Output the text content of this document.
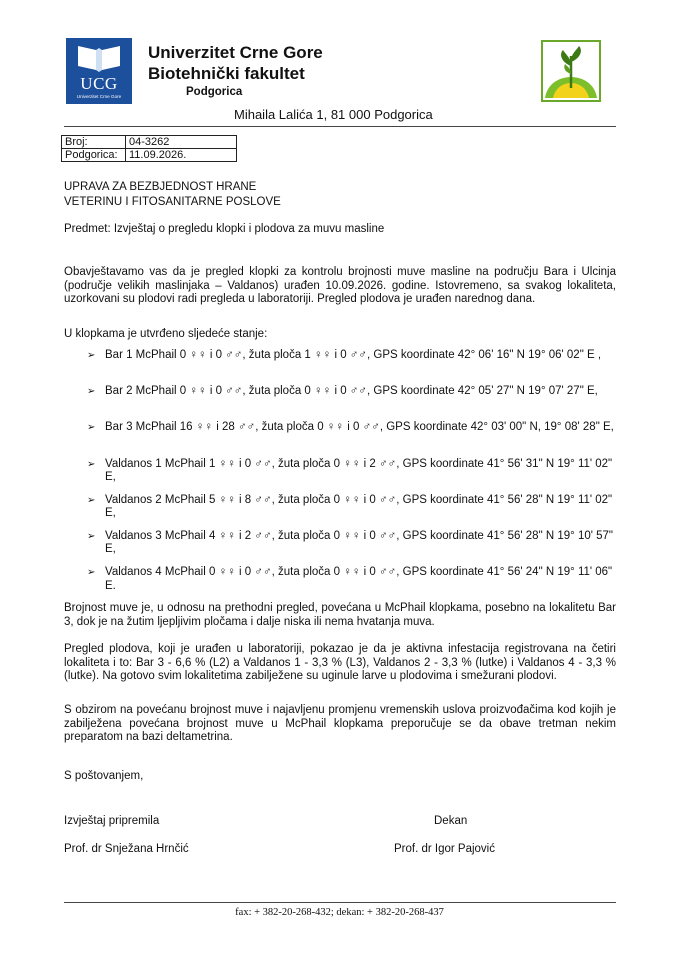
UCG
Univerzitet Crne Gore
Univerzitet Crne Gore
Biotehnički fakultet
Podgorica
Mihaila Lalića 1, 81 000 Podgorica
Broj:	04-3262
Podgorica:	11.09.2026.
UPRAVA ZA BEZBJEDNOST HRANE
VETERINU I FITOSANITARNE POSLOVE
Predmet: Izvještaj o pregledu klopki i plodova za muvu masline
Obavještavamo vas da je pregled klopki za kontrolu brojnosti muve masline na području Bara i Ulcinja (područje velikih maslinjaka – Valdanos) urađen 10.09.2026. godine. Istovremeno, sa svakog lokaliteta, uzorkovani su plodovi radi pregleda u laboratoriji. Pregled plodova je urađen narednog dana.
U klopkama je utvrđeno sljedeće stanje:
➢ Bar 1 McPhail 0 ♀♀ i 0 ♂♂, žuta ploča 1 ♀♀ i 0 ♂♂, GPS koordinate 42° 06' 16" N 19° 06' 02" E ,
➢ Bar 2 McPhail 0 ♀♀ i 0 ♂♂, žuta ploča 0 ♀♀ i 0 ♂♂, GPS koordinate 42° 05' 27" N 19° 07' 27" E,
➢ Bar 3 McPhail 16 ♀♀ i 28 ♂♂, žuta ploča 0 ♀♀ i 0 ♂♂, GPS koordinate 42° 03' 00" N, 19° 08' 28" E,
➢ Valdanos 1 McPhail 1 ♀♀ i 0 ♂♂, žuta ploča 0 ♀♀ i 2 ♂♂, GPS koordinate 41° 56' 31" N 19° 11' 02" E,
➢ Valdanos 2 McPhail 5 ♀♀ i 8 ♂♂, žuta ploča 0 ♀♀ i 0 ♂♂, GPS koordinate 41° 56' 28" N 19° 11' 02" E,
➢ Valdanos 3 McPhail 4 ♀♀ i 2 ♂♂, žuta ploča 0 ♀♀ i 0 ♂♂, GPS koordinate 41° 56' 28" N 19° 10' 57" E,
➢ Valdanos 4 McPhail 0 ♀♀ i 0 ♂♂, žuta ploča 0 ♀♀ i 0 ♂♂, GPS koordinate 41° 56' 24" N 19° 11' 06" E.
Brojnost muve je, u odnosu na prethodni pregled, povećana u McPhail klopkama, posebno na lokalitetu Bar 3, dok je na žutim ljepljivim pločama i dalje niska ili nema hvatanja muva.
Pregled plodova, koji je urađen u laboratoriji, pokazao je da je aktivna infestacija registrovana na četiri lokaliteta i to: Bar 3 - 6,6 % (L2) a Valdanos 1 - 3,3 % (L3), Valdanos 2 - 3,3 % (lutke) i Valdanos 4 - 3,3 % (lutke). Na gotovo svim lokalitetima zabilježene su uginule larve u plodovima i smežurani plodovi.
S obzirom na povećanu brojnost muve i najavljenu promjenu vremenskih uslova proizvođačima kod kojih je zabilježena povećana brojnost muve u McPhail klopkama preporučuje se da obave tretman nekim preparatom na bazi deltametrina.
S poštovanjem,
Izvještaj pripremila
Prof. dr Snježana Hrnčić
Dekan
Prof. dr Igor Pajović
fax: + 382-20-268-432; dekan: + 382-20-268-437
